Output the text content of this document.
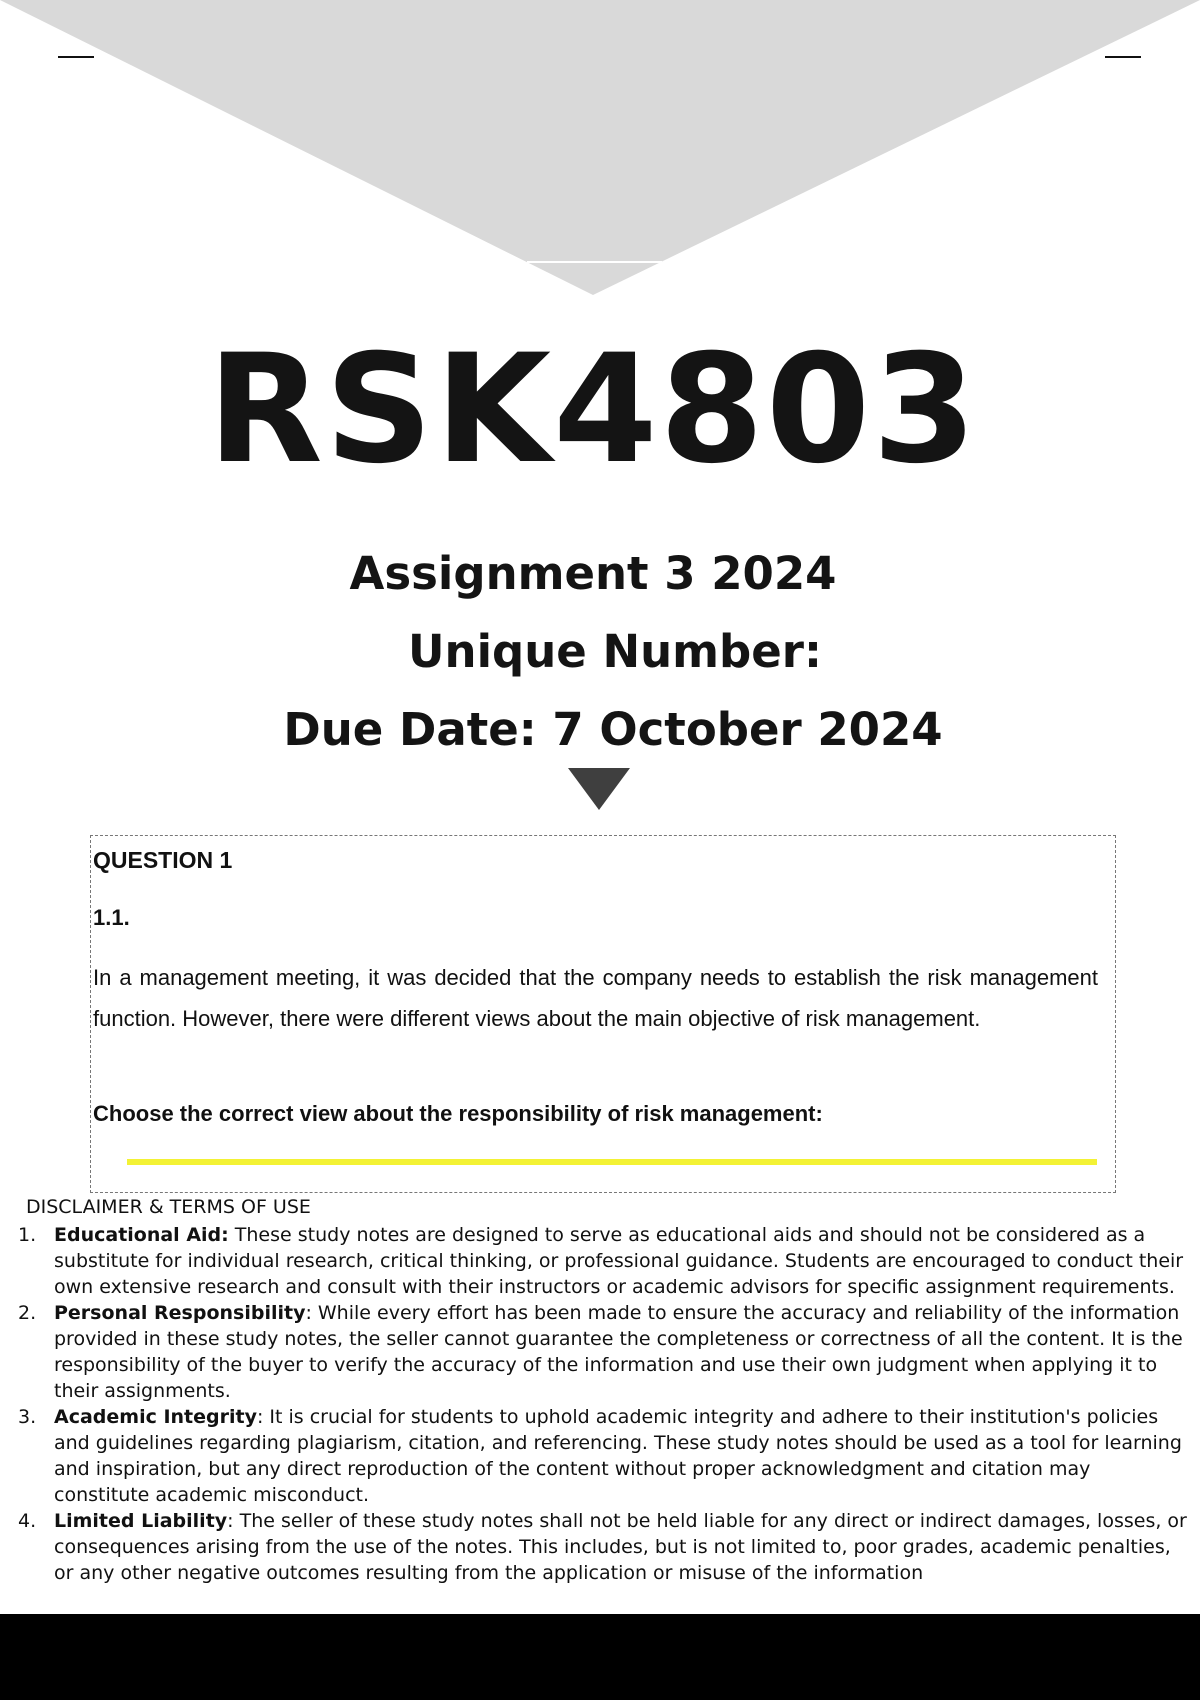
RSK4803
Assignment 3 2024
Unique Number:
Due Date: 7 October 2024
QUESTION 1
1.1.

In a management meeting, it was decided that the company needs to establish the risk management function. However, there were different views about the main objective of risk management.

Choose the correct view about the responsibility of risk management:

DISCLAIMER & TERMS OF USE
1. Educational Aid: These study notes are designed to serve as educational aids and should not be considered as a substitute for individual research, critical thinking, or professional guidance. Students are encouraged to conduct their own extensive research and consult with their instructors or academic advisors for specific assignment requirements.
2. Personal Responsibility: While every effort has been made to ensure the accuracy and reliability of the information provided in these study notes, the seller cannot guarantee the completeness or correctness of all the content. It is the responsibility of the buyer to verify the accuracy of the information and use their own judgment when applying it to their assignments.
3. Academic Integrity: It is crucial for students to uphold academic integrity and adhere to their institution's policies and guidelines regarding plagiarism, citation, and referencing. These study notes should be used as a tool for learning and inspiration, but any direct reproduction of the content without proper acknowledgment and citation may constitute academic misconduct.
4. Limited Liability: The seller of these study notes shall not be held liable for any direct or indirect damages, losses, or consequences arising from the use of the notes. This includes, but is not limited to, poor grades, academic penalties, or any other negative outcomes resulting from the application or misuse of the information
